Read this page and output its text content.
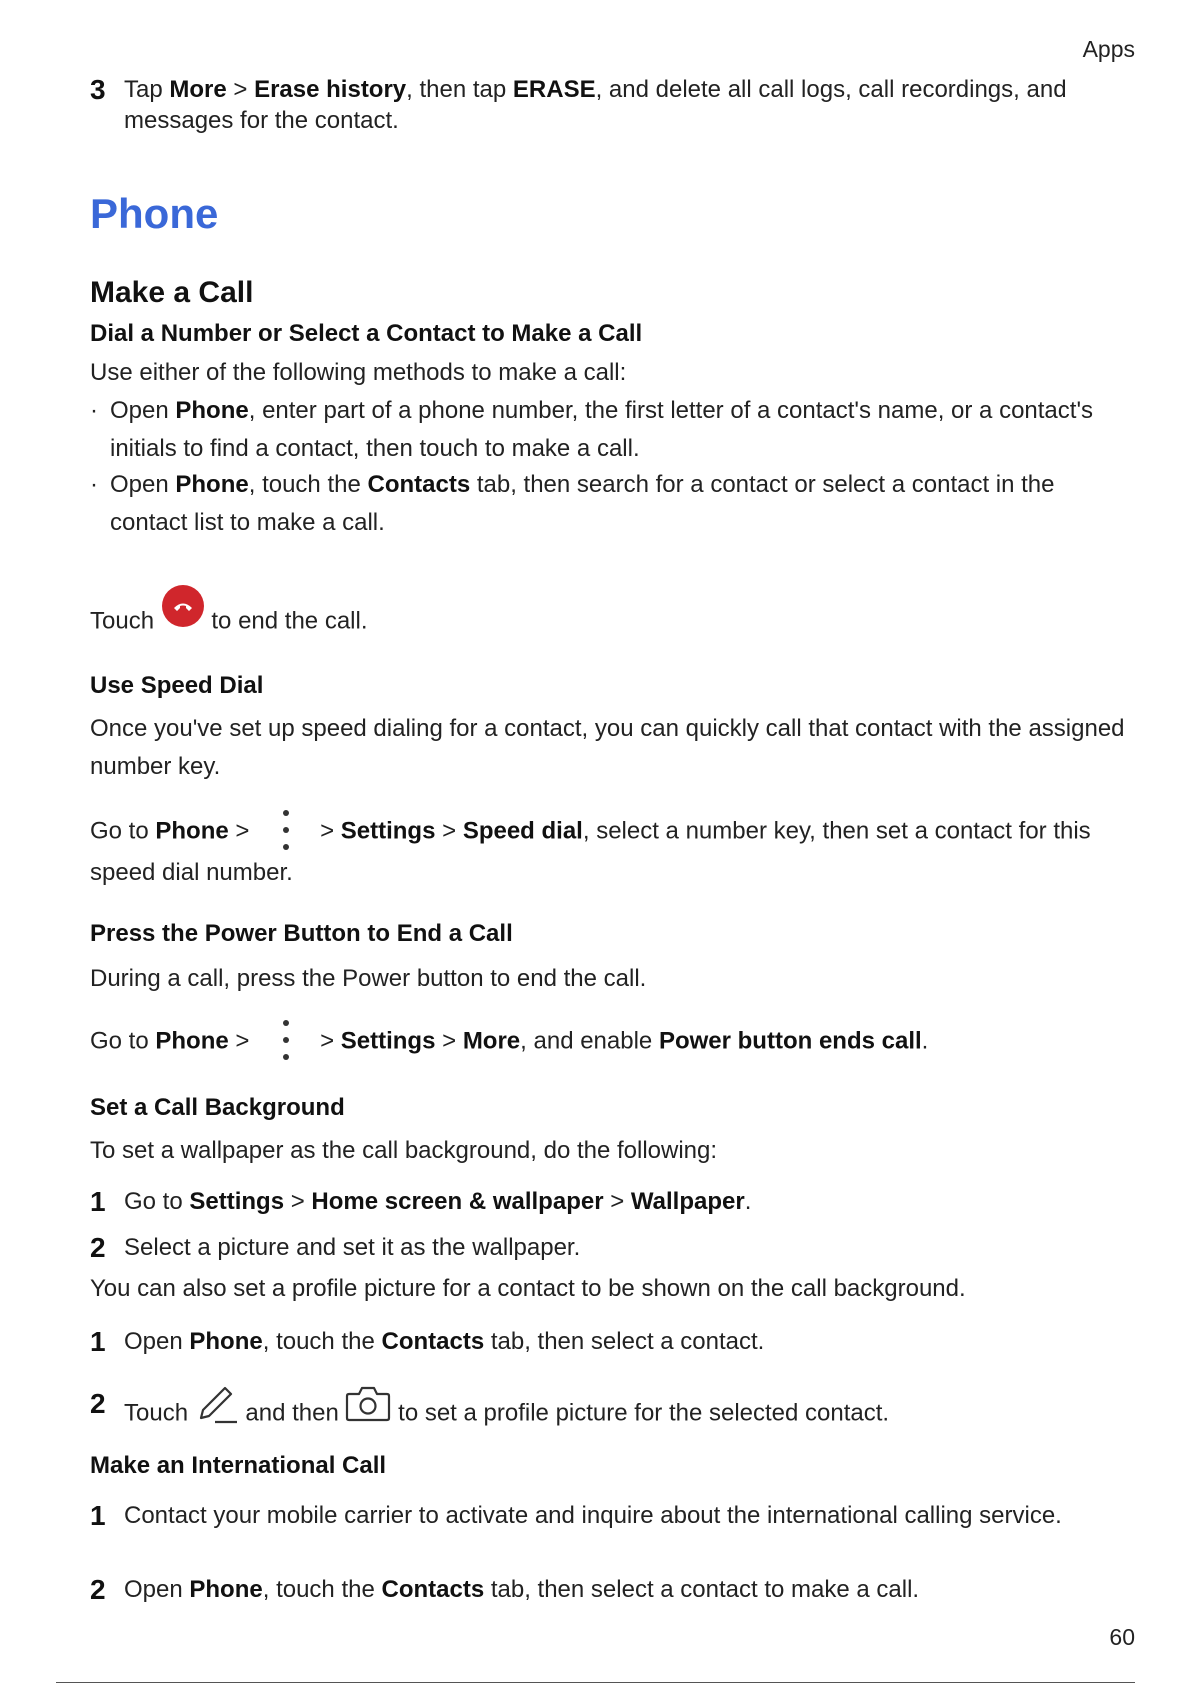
Apps
3 Tap More > Erase history, then tap ERASE, and delete all call logs, call recordings, and messages for the contact.
Phone
Make a Call
Dial a Number or Select a Contact to Make a Call
Use either of the following methods to make a call:
· Open Phone, enter part of a phone number, the first letter of a contact's name, or a contact's initials to find a contact, then touch to make a call.
· Open Phone, touch the Contacts tab, then search for a contact or select a contact in the contact list to make a call.
Touch  to end the call.
Use Speed Dial
Once you've set up speed dialing for a contact, you can quickly call that contact with the assigned number key.
Go to Phone >	> Settings > Speed dial, select a number key, then set a contact for this speed dial number.
Press the Power Button to End a Call
During a call, press the Power button to end the call.
Go to Phone >	> Settings > More, and enable Power button ends call.
Set a Call Background
To set a wallpaper as the call background, do the following:
1 Go to Settings > Home screen & wallpaper > Wallpaper.
2 Select a picture and set it as the wallpaper.
You can also set a profile picture for a contact to be shown on the call background.
1 Open Phone, touch the Contacts tab, then select a contact.
2 Touch  and then  to set a profile picture for the selected contact.
Make an International Call
1 Contact your mobile carrier to activate and inquire about the international calling service.
2 Open Phone, touch the Contacts tab, then select a contact to make a call.
60
